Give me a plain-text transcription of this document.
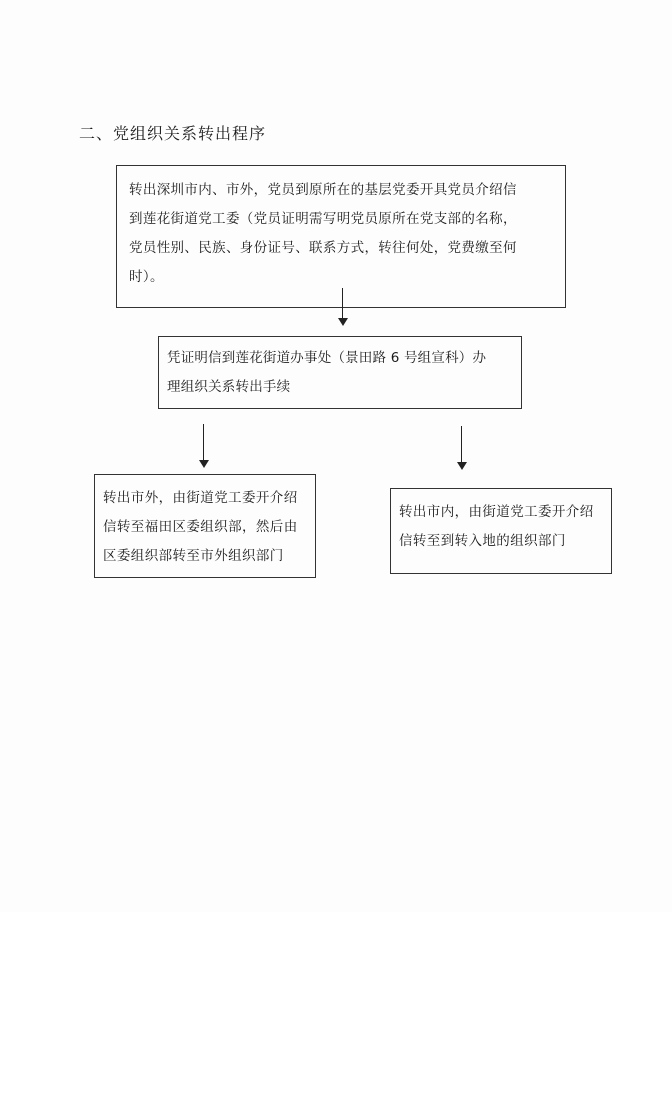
二、党组织关系转出程序

转出深圳市内、市外，党员到原所在的基层党委开具党员介绍信

到莲花街道党工委（党员证明需写明党员原所在党支部的名称，

党员性别、民族、身份证号、联系方式，转往何处，党费缴至何

时）。

凭证明信到莲花街道办事处（景田路 6 号组宣科）办

理组织关系转出手续

转出市外，由街道党工委开介绍

信转至福田区委组织部，然后由

区委组织部转至市外组织部门

转出市内，由街道党工委开介绍

信转至到转入地的组织部门
